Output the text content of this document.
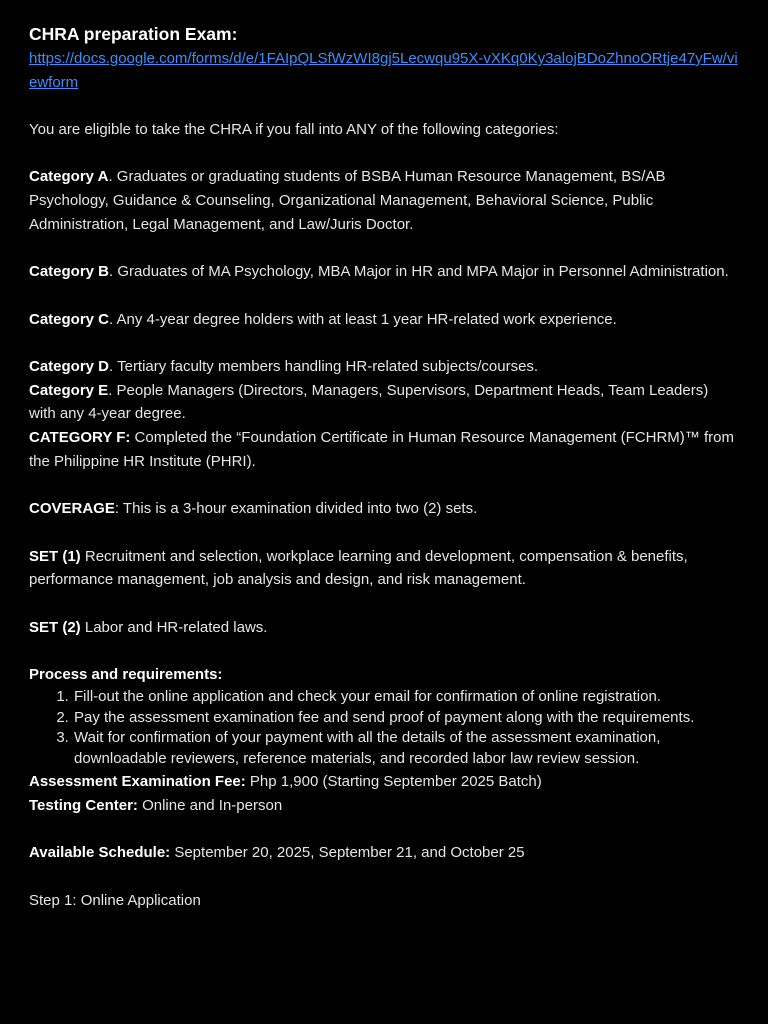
CHRA preparation Exam:

https://docs.google.com/forms/d/e/1FAIpQLSfWzWI8gj5Lecwqu95X-vXKq0Ky3alojBDoZhnoORtje47yFw/viewform

You are eligible to take the CHRA if you fall into ANY of the following categories:

Category A. Graduates or graduating students of BSBA Human Resource Management, BS/AB Psychology, Guidance & Counseling, Organizational Management, Behavioral Science, Public Administration, Legal Management, and Law/Juris Doctor.

Category B. Graduates of MA Psychology, MBA Major in HR and MPA Major in Personnel Administration.

Category C. Any 4-year degree holders with at least 1 year HR-related work experience.

Category D. Tertiary faculty members handling HR-related subjects/courses.

Category E. People Managers (Directors, Managers, Supervisors, Department Heads, Team Leaders) with any 4-year degree.

CATEGORY F: Completed the “Foundation Certificate in Human Resource Management (FCHRM)™ from the Philippine HR Institute (PHRI).

COVERAGE: This is a 3-hour examination divided into two (2) sets.

SET (1) Recruitment and selection, workplace learning and development, compensation & benefits, performance management, job analysis and design, and risk management.

SET (2) Labor and HR-related laws.

Process and requirements:

1. Fill-out the online application and check your email for confirmation of online registration.
2. Pay the assessment examination fee and send proof of payment along with the requirements.
3. Wait for confirmation of your payment with all the details of the assessment examination, downloadable reviewers, reference materials, and recorded labor law review session.

Assessment Examination Fee: Php 1,900 (Starting September 2025 Batch)

Testing Center: Online and In-person

Available Schedule: September 20, 2025, September 21, and October 25

Step 1: Online Application
